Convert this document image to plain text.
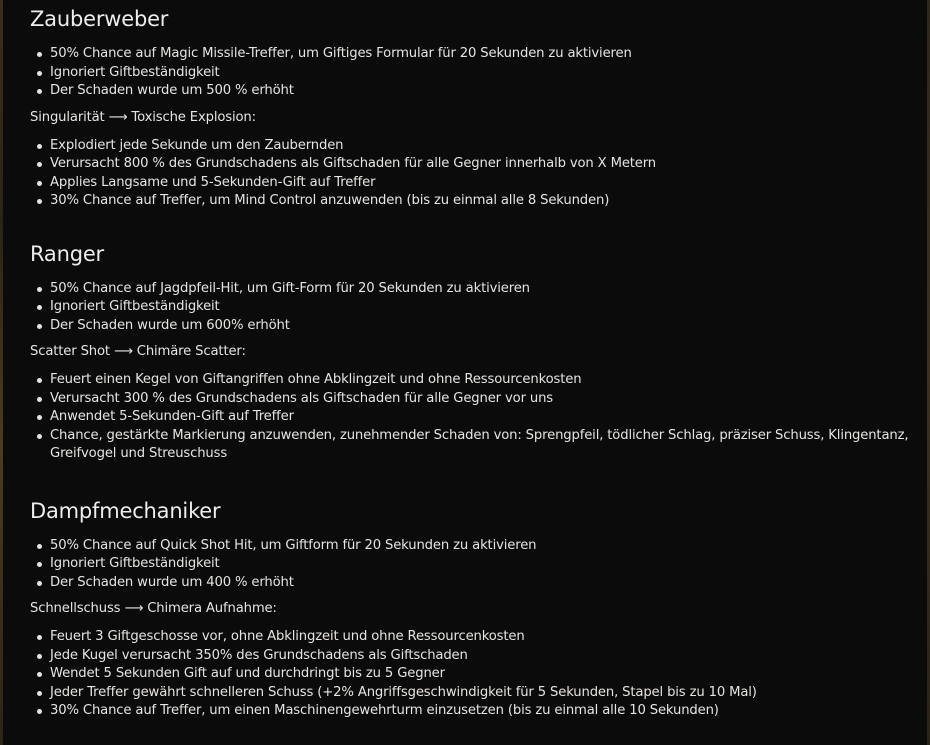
Zauberweber
50% Chance auf Magic Missile-Treffer, um Giftiges Formular für 20 Sekunden zu aktivieren
Ignoriert Giftbeständigkeit
Der Schaden wurde um 500 % erhöht

Singularität ⟶ Toxische Explosion:

Explodiert jede Sekunde um den Zaubernden
Verursacht 800 % des Grundschadens als Giftschaden für alle Gegner innerhalb von X Metern
Applies Langsame und 5-Sekunden-Gift auf Treffer
30% Chance auf Treffer, um Mind Control anzuwenden (bis zu einmal alle 8 Sekunden)
Ranger
50% Chance auf Jagdpfeil-Hit, um Gift-Form für 20 Sekunden zu aktivieren
Ignoriert Giftbeständigkeit
Der Schaden wurde um 600% erhöht

Scatter Shot ⟶ Chimäre Scatter:

Feuert einen Kegel von Giftangriffen ohne Abklingzeit und ohne Ressourcenkosten
Verursacht 300 % des Grundschadens als Giftschaden für alle Gegner vor uns
Anwendet 5-Sekunden-Gift auf Treffer
Chance, gestärkte Markierung anzuwenden, zunehmender Schaden von: Sprengpfeil, tödlicher Schlag, präziser Schuss, Klingentanz, Greifvogel und Streuschuss
Dampfmechaniker
50% Chance auf Quick Shot Hit, um Giftform für 20 Sekunden zu aktivieren
Ignoriert Giftbeständigkeit
Der Schaden wurde um 400 % erhöht

Schnellschuss ⟶ Chimera Aufnahme:

Feuert 3 Giftgeschosse vor, ohne Abklingzeit und ohne Ressourcenkosten
Jede Kugel verursacht 350% des Grundschadens als Giftschaden
Wendet 5 Sekunden Gift auf und durchdringt bis zu 5 Gegner
Jeder Treffer gewährt schnelleren Schuss (+2% Angriffsgeschwindigkeit für 5 Sekunden, Stapel bis zu 10 Mal)
30% Chance auf Treffer, um einen Maschinengewehrturm einzusetzen (bis zu einmal alle 10 Sekunden)
